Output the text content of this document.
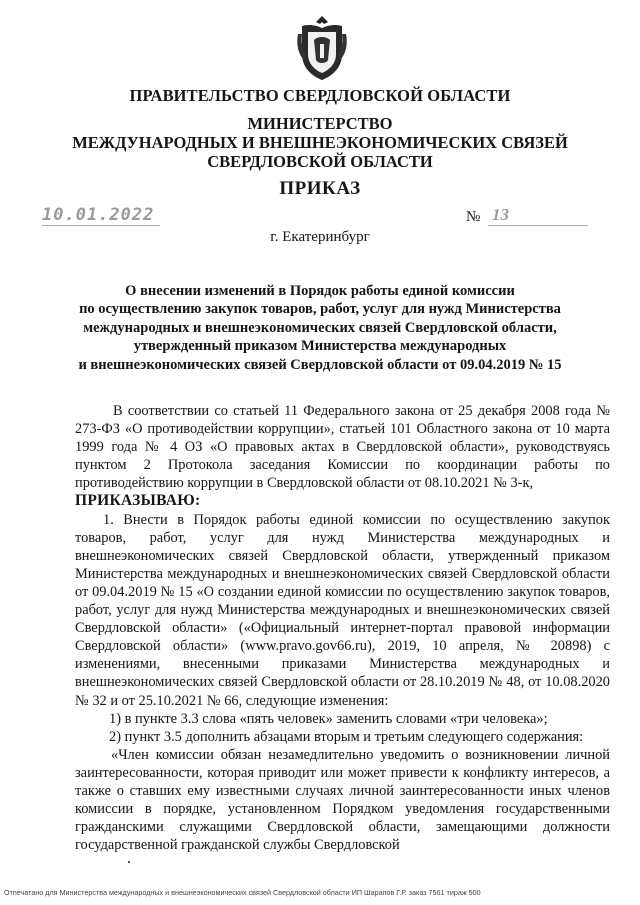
ПРАВИТЕЛЬСТВО СВЕРДЛОВСКОЙ ОБЛАСТИ
МИНИСТЕРСТВО
МЕЖДУНАРОДНЫХ И ВНЕШНЕЭКОНОМИЧЕСКИХ СВЯЗЕЙ
СВЕРДЛОВСКОЙ ОБЛАСТИ
ПРИКАЗ
10.01.2022	№ 13
г. Екатеринбург
О внесении изменений в Порядок работы единой комиссии
по осуществлению закупок товаров, работ, услуг для нужд Министерства
международных и внешнеэкономических связей Свердловской области,
утвержденный приказом Министерства международных
и внешнеэкономических связей Свердловской области от 09.04.2019 № 15

В соответствии со статьей 11 Федерального закона от 25 декабря 2008 года № 273-ФЗ «О противодействии коррупции», статьей 101 Областного закона от 10 марта 1999 года № 4 ОЗ «О правовых актах в Свердловской области», руководствуясь пунктом 2 Протокола заседания Комиссии по координации работы по противодействию коррупции в Свердловской области от 08.10.2021 № 3-к,

ПРИКАЗЫВАЮ:

1. Внести в Порядок работы единой комиссии по осуществлению закупок товаров, работ, услуг для нужд Министерства международных и внешнеэкономических связей Свердловской области, утвержденный приказом Министерства международных и внешнеэкономических связей Свердловской области от 09.04.2019 № 15 «О создании единой комиссии по осуществлению закупок товаров, работ, услуг для нужд Министерства международных и внешнеэкономических связей Свердловской области» («Официальный интернет-портал правовой информации Свердловской области» (www.pravo.gov66.ru), 2019, 10 апреля, № 20898) с изменениями, внесенными приказами Министерства международных и внешнеэкономических связей Свердловской области от 28.10.2019 № 48, от 10.08.2020 № 32 и от 25.10.2021 № 66, следующие изменения:

1) в пункте 3.3 слова «пять человек» заменить словами «три человека»;

2) пункт 3.5 дополнить абзацами вторым и третьим следующего содержания:

«Член комиссии обязан незамедлительно уведомить о возникновении личной заинтересованности, которая приводит или может привести к конфликту интересов, а также о ставших ему известными случаях личной заинтересованности иных членов комиссии в порядке, установленном Порядком уведомления государственными гражданскими служащими Свердловской области, замещающими должности государственной гражданской службы Свердловской

Отпечатано для Министерства международных и внешнеэкономических связей Свердловской области ИП Шарапов Г.Р. заказ 7561 тираж 500
